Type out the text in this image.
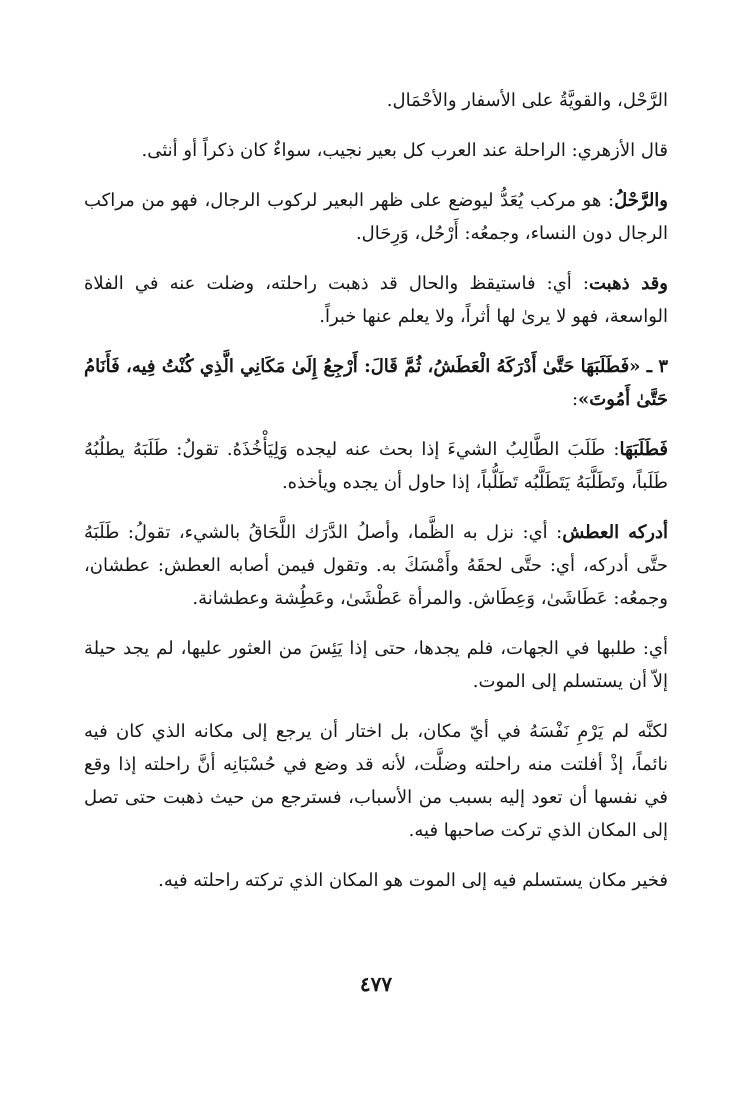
الرَّحْل، والقويَّةُ على الأسفار والأحْمَال.

قال الأزهري: الراحلة عند العرب كل بعير نجيب، سواءٌ كان ذكراً أو أنثى.

والرَّحْلُ: هو مركب يُعَدُّ ليوضع على ظهر البعير لركوب الرجال، فهو من مراكب الرجال دون النساء، وجمعُه: أَرْحُل، وَرِحَال.

وقد ذهبت: أي: فاستيقظ والحال قد ذهبت راحلته، وضلت عنه في الفلاة الواسعة، فهو لا يرىٰ لها أثراً، ولا يعلم عنها خبراً.

٣ ـ «فَطَلَبَهَا حَتَّىٰ أَدْرَكَهُ الْعَطَشُ، ثُمَّ قَالَ: أَرْجِعُ إِلَىٰ مَكَانِي الَّذِي كُنْتُ فِيه، فَأَنَامُ حَتَّىٰ أَمُوتَ»:

فَطَلَبَهَا: طَلَبَ الطَّالِبُ الشيءَ إذا بحث عنه ليجده وَلِيَأْخُذَهُ. تقولُ: طَلَبَهُ يطلُبُهُ طَلَباً، وتَطَلَّبَهُ يَتَطَلَّبُه تَطَلُّباً، إذا حاول أن يجده ويأخذه.

أدركه العطش: أي: نزل به الظَّما، وأصلُ الدَّرَك اللَّحَاقُ بالشيء، تقولُ: طَلَبَهُ حتَّى أدركه، أي: حتَّى لحقَهُ وأَمْسَكَ به. وتقول فيمن أصابه العطش: عطشان، وجمعُه: عَطَاشَىٰ، وَعِطَاش. والمرأة عَطْشَىٰ، وعَطُِشة وعطشانة.

أي: طلبها في الجهات، فلم يجدها، حتى إذا يَئِسَ من العثور عليها، لم يجد حيلة إلاّ أن يستسلم إلى الموت.

لكنَّه لم يَرْمِ نَفْسَهُ في أيّ مكان، بل اختار أن يرجع إلى مكانه الذي كان فيه نائماً، إذْ أفلتت منه راحلته وضلَّت، لأنه قد وضع في حُسْبَانِه أنَّ راحلته إذا وقع في نفسها أن تعود إليه بسبب من الأسباب، فسترجع من حيث ذهبت حتى تصل إلى المكان الذي تركت صاحبها فيه.

فخير مكان يستسلم فيه إلى الموت هو المكان الذي تركته راحلته فيه.

٤٧٧
